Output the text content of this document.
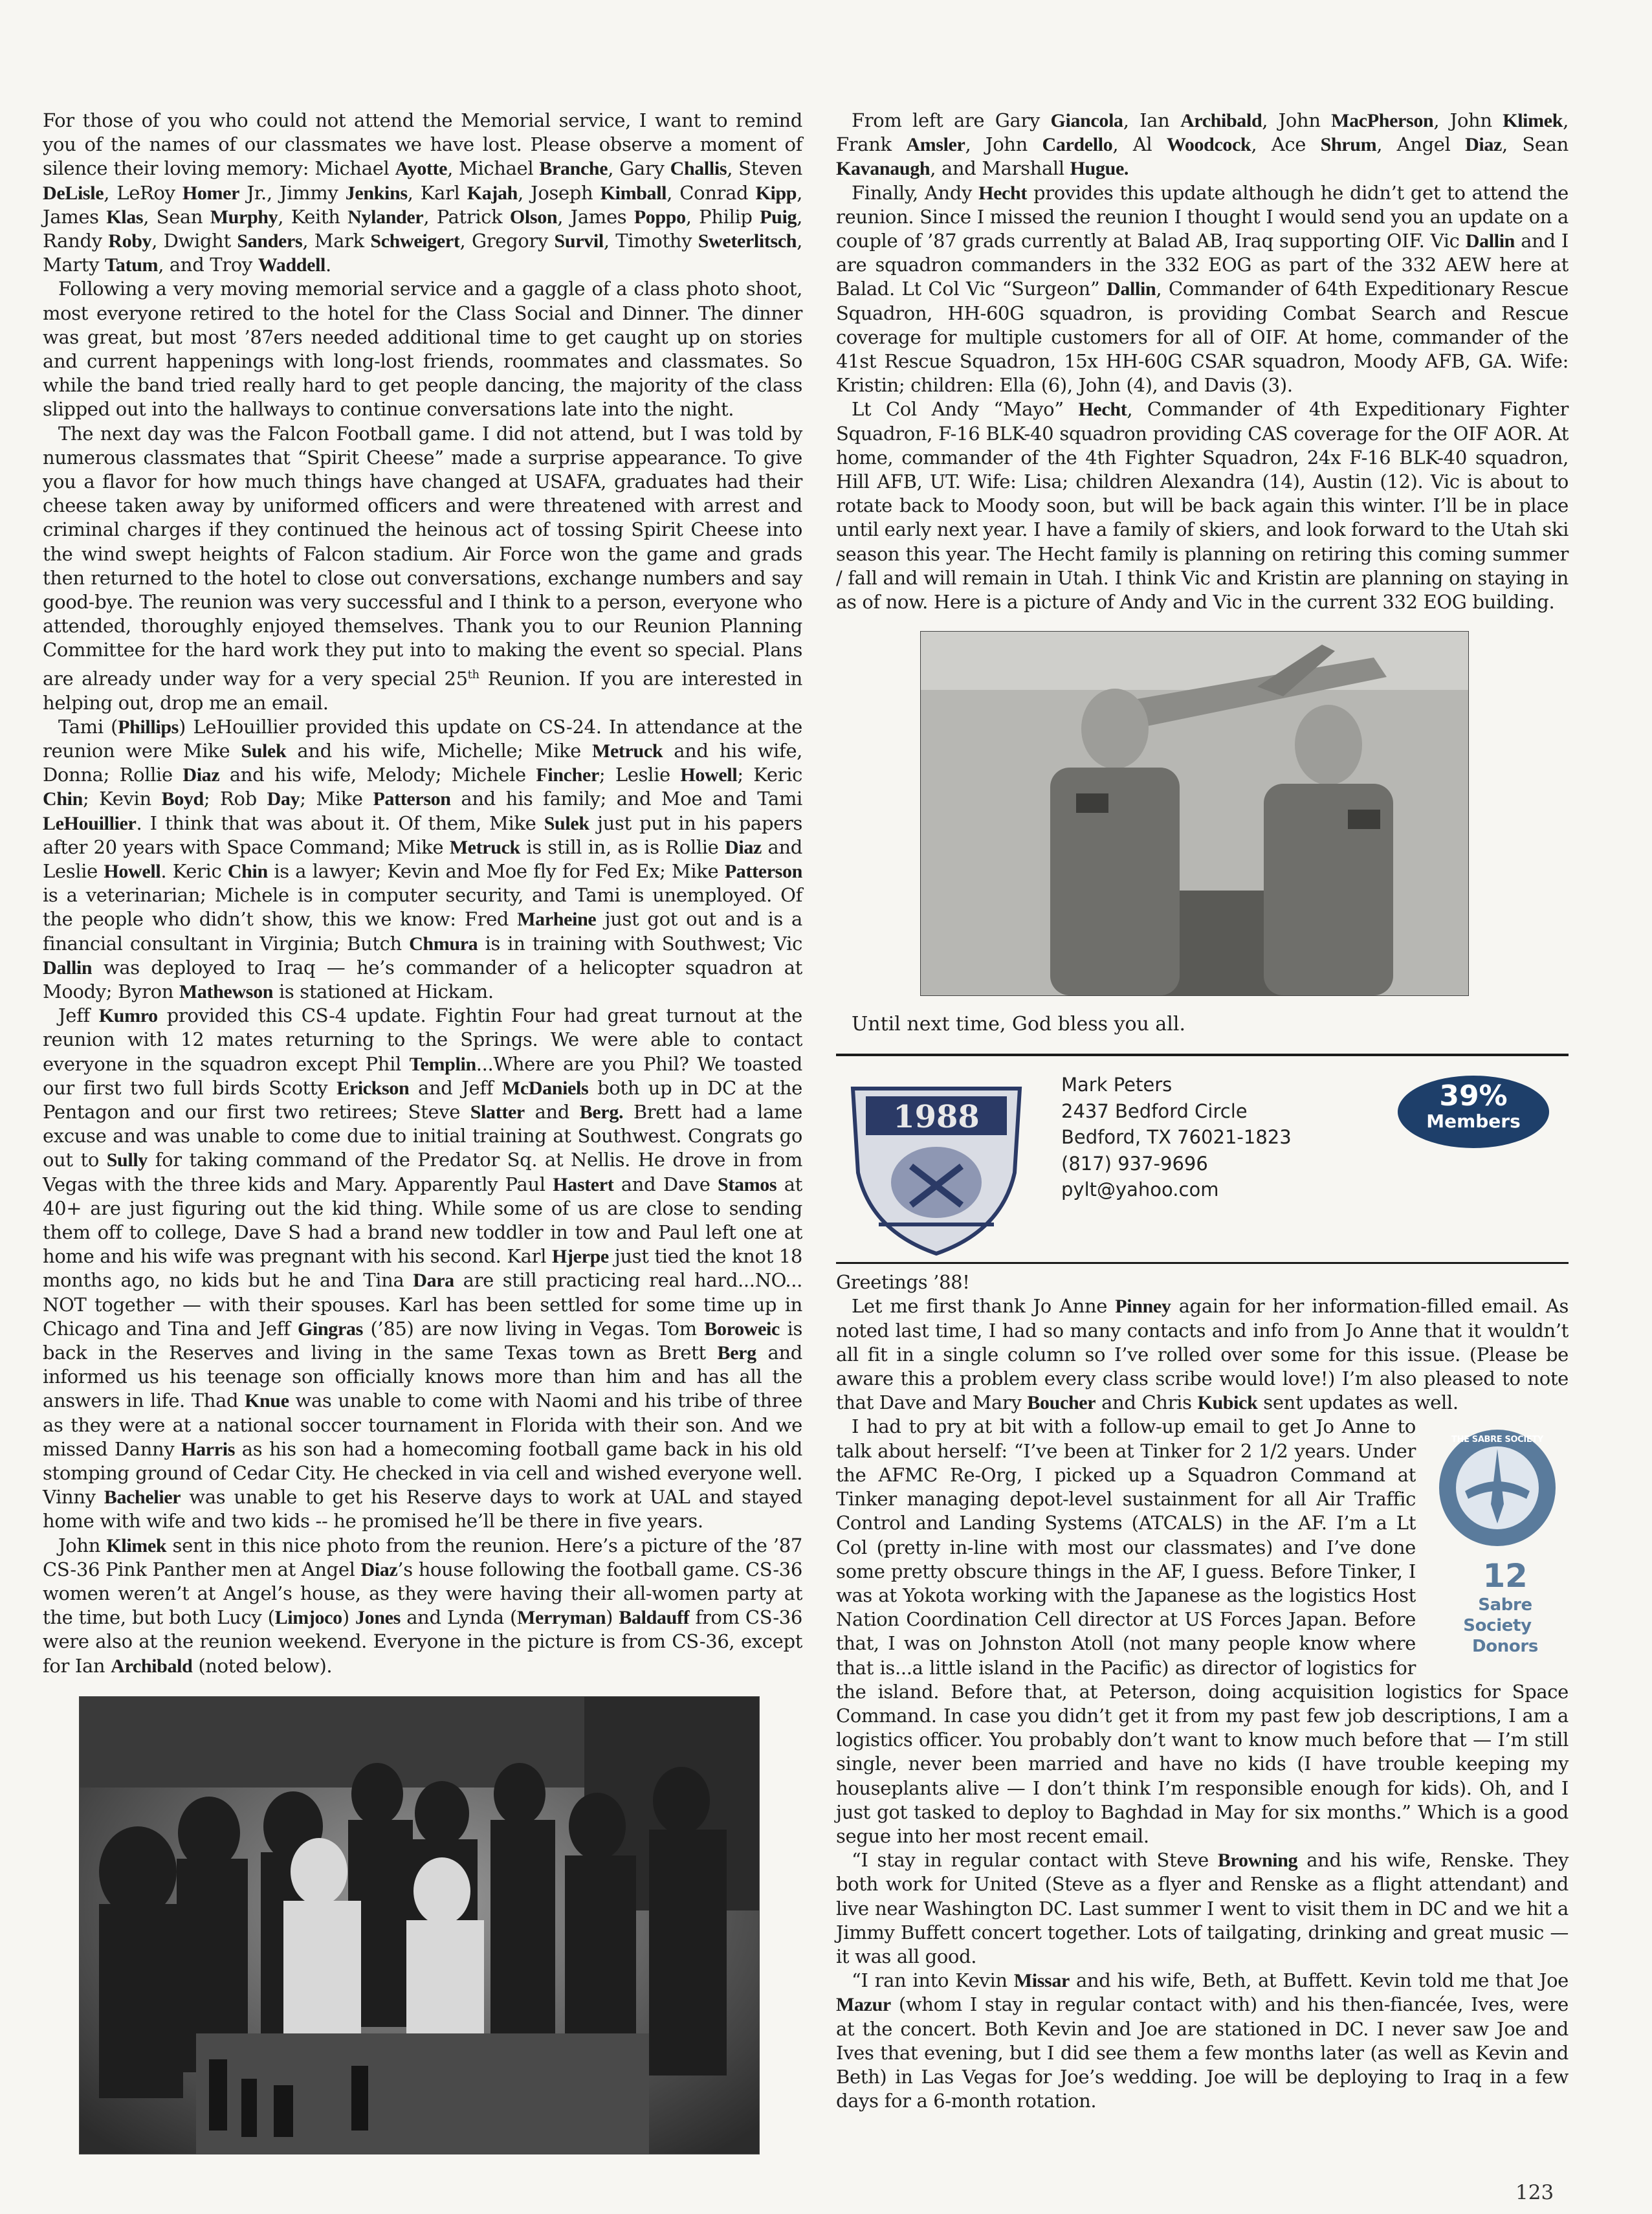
For those of you who could not attend the Memorial service, I want to remind you of the names of our classmates we have lost. Please observe a moment of silence their loving memory: Michael Ayotte, Michael Branche, Gary Challis, Steven DeLisle, LeRoy Homer Jr., Jimmy Jenkins, Karl Kajah, Joseph Kimball, Conrad Kipp, James Klas, Sean Murphy, Keith Nylander, Patrick Olson, James Poppo, Philip Puig, Randy Roby, Dwight Sanders, Mark Schweigert, Gregory Survil, Timothy Sweterlitsch, Marty Tatum, and Troy Waddell.

Following a very moving memorial service and a gaggle of a class photo shoot, most everyone retired to the hotel for the Class Social and Dinner. The dinner was great, but most ’87ers needed additional time to get caught up on stories and current happenings with long-lost friends, roommates and classmates. So while the band tried really hard to get people dancing, the majority of the class slipped out into the hallways to continue conversations late into the night.

The next day was the Falcon Football game. I did not attend, but I was told by numerous classmates that “Spirit Cheese” made a surprise appearance. To give you a flavor for how much things have changed at USAFA, graduates had their cheese taken away by uniformed officers and were threatened with arrest and criminal charges if they continued the heinous act of tossing Spirit Cheese into the wind swept heights of Falcon stadium. Air Force won the game and grads then returned to the hotel to close out conversations, exchange numbers and say good-bye. The reunion was very successful and I think to a person, everyone who attended, thoroughly enjoyed themselves. Thank you to our Reunion Planning Committee for the hard work they put into to making the event so special. Plans are already under way for a very special 25th Reunion. If you are interested in helping out, drop me an email.

Tami (Phillips) LeHouillier provided this update on CS-24. In attendance at the reunion were Mike Sulek and his wife, Michelle; Mike Metruck and his wife, Donna; Rollie Diaz and his wife, Melody; Michele Fincher; Leslie Howell; Keric Chin; Kevin Boyd; Rob Day; Mike Patterson and his family; and Moe and Tami LeHouillier. I think that was about it. Of them, Mike Sulek just put in his papers after 20 years with Space Command; Mike Metruck is still in, as is Rollie Diaz and Leslie Howell. Keric Chin is a lawyer; Kevin and Moe fly for Fed Ex; Mike Patterson is a veterinarian; Michele is in computer security, and Tami is unemployed. Of the people who didn’t show, this we know: Fred Marheine just got out and is a financial consultant in Virginia; Butch Chmura is in training with Southwest; Vic Dallin was deployed to Iraq — he’s commander of a helicopter squadron at Moody; Byron Mathewson is stationed at Hickam.

Jeff Kumro provided this CS-4 update. Fightin Four had great turnout at the reunion with 12 mates returning to the Springs. We were able to contact everyone in the squadron except Phil Templin...Where are you Phil? We toasted our first two full birds Scotty Erickson and Jeff McDaniels both up in DC at the Pentagon and our first two retirees; Steve Slatter and Berg. Brett had a lame excuse and was unable to come due to initial training at Southwest. Congrats go out to Sully for taking command of the Predator Sq. at Nellis. He drove in from Vegas with the three kids and Mary. Apparently Paul Hastert and Dave Stamos at 40+ are just figuring out the kid thing. While some of us are close to sending them off to college, Dave S had a brand new toddler in tow and Paul left one at home and his wife was pregnant with his second. Karl Hjerpe just tied the knot 18 months ago, no kids but he and Tina Dara are still practicing real hard...NO... NOT together — with their spouses. Karl has been settled for some time up in Chicago and Tina and Jeff Gingras (’85) are now living in Vegas. Tom Boroweic is back in the Reserves and living in the same Texas town as Brett Berg and informed us his teenage son officially knows more than him and has all the answers in life. Thad Knue was unable to come with Naomi and his tribe of three as they were at a national soccer tournament in Florida with their son. And we missed Danny Harris as his son had a homecoming football game back in his old stomping ground of Cedar City. He checked in via cell and wished everyone well. Vinny Bachelier was unable to get his Reserve days to work at UAL and stayed home with wife and two kids -- he promised he’ll be there in five years.

John Klimek sent in this nice photo from the reunion. Here’s a picture of the ’87 CS-36 Pink Panther men at Angel Diaz’s house following the football game. CS-36 women weren’t at Angel’s house, as they were having their all-women party at the time, but both Lucy (Limjoco) Jones and Lynda (Merryman) Baldauff from CS-36 were also at the reunion weekend. Everyone in the picture is from CS-36, except for Ian Archibald (noted below).

From left are Gary Giancola, Ian Archibald, John MacPherson, John Klimek, Frank Amsler, John Cardello, Al Woodcock, Ace Shrum, Angel Diaz, Sean Kavanaugh, and Marshall Hugue.

Finally, Andy Hecht provides this update although he didn’t get to attend the reunion. Since I missed the reunion I thought I would send you an update on a couple of ’87 grads currently at Balad AB, Iraq supporting OIF. Vic Dallin and I are squadron commanders in the 332 EOG as part of the 332 AEW here at Balad. Lt Col Vic “Surgeon” Dallin, Commander of 64th Expeditionary Rescue Squadron, HH-60G squadron, is providing Combat Search and Rescue coverage for multiple customers for all of OIF. At home, commander of the 41st Rescue Squadron, 15x HH-60G CSAR squadron, Moody AFB, GA. Wife: Kristin; children: Ella (6), John (4), and Davis (3).

Lt Col Andy “Mayo” Hecht, Commander of 4th Expeditionary Fighter Squadron, F-16 BLK-40 squadron providing CAS coverage for the OIF AOR. At home, commander of the 4th Fighter Squadron, 24x F-16 BLK-40 squadron, Hill AFB, UT. Wife: Lisa; children Alexandra (14), Austin (12). Vic is about to rotate back to Moody soon, but will be back again this winter. I’ll be in place until early next year. I have a family of skiers, and look forward to the Utah ski season this year. The Hecht family is planning on retiring this coming summer / fall and will remain in Utah. I think Vic and Kristin are planning on staying in as of now. Here is a picture of Andy and Vic in the current 332 EOG building.

Until next time, God bless you all.
1988
Mark Peters
2437 Bedford Circle
Bedford, TX 76021-1823
(817) 937-9696
pylt@yahoo.com
39%
Members

Greetings ’88!

Let me first thank Jo Anne Pinney again for her information-filled email. As noted last time, I had so many contacts and info from Jo Anne that it wouldn’t all fit in a single column so I’ve rolled over some for this issue. (Please be aware this a problem every class scribe would love!) I’m also pleased to note that Dave and Mary Boucher and Chris Kubick sent updates as well.

THE SABRE SOCIETY
12
Sabre Society
Donors
I had to pry at bit with a follow-up email to get Jo Anne to talk about herself: “I’ve been at Tinker for 2 1/2 years. Under the AFMC Re-Org, I picked up a Squadron Command at Tinker managing depot-level sustainment for all Air Traffic Control and Landing Systems (ATCALS) in the AF. I’m a Lt Col (pretty in-line with most our classmates) and I’ve done some pretty obscure things in the AF, I guess. Before Tinker, I was at Yokota working with the Japanese as the logistics Host Nation Coordination Cell director at US Forces Japan. Before that, I was on Johnston Atoll (not many people know where that is...a little island in the Pacific) as director of logistics for the island. Before that, at Peterson, doing acquisition logistics for Space Command. In case you didn’t get it from my past few job descriptions, I am a logistics officer. You probably don’t want to know much before that — I’m still single, never been married and have no kids (I have trouble keeping my houseplants alive — I don’t think I’m responsible enough for kids). Oh, and I just got tasked to deploy to Baghdad in May for six months.” Which is a good segue into her most recent email.

“I stay in regular contact with Steve Browning and his wife, Renske. They both work for United (Steve as a flyer and Renske as a flight attendant) and live near Washington DC. Last summer I went to visit them in DC and we hit a Jimmy Buffett concert together. Lots of tailgating, drinking and great music — it was all good.

“I ran into Kevin Missar and his wife, Beth, at Buffett. Kevin told me that Joe Mazur (whom I stay in regular contact with) and his then-fiancée, Ives, were at the concert. Both Kevin and Joe are stationed in DC. I never saw Joe and Ives that evening, but I did see them a few months later (as well as Kevin and Beth) in Las Vegas for Joe’s wedding. Joe will be deploying to Iraq in a few days for a 6-month rotation.

123
